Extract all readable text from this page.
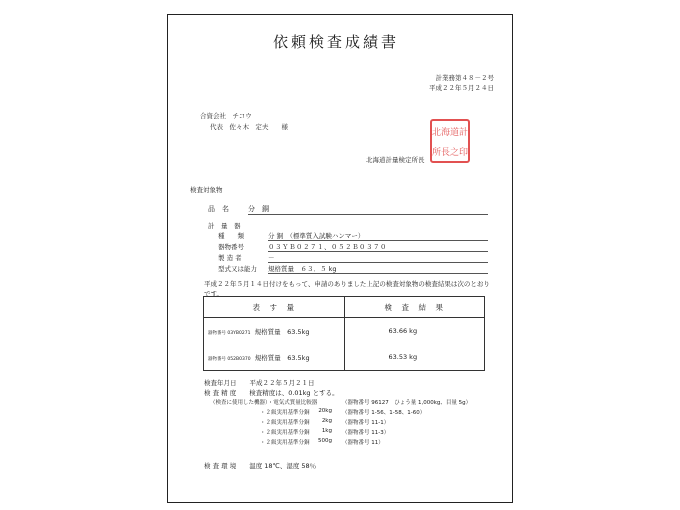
依頼検査成績書
計業務第４８－２号
平成２２年５月２４日
合資会社　チコウ
代表　佐々木　定夫　　様
北海道計量検定所長
北海 道計
所長 之印
検査対象物
品　名	分　銅
計　量　器
種　　類	分 銅　（標準質入試験ハンマー）
器物番号	０３ＹＢ０２７１、０５２Ｂ０３７０
製 造 者	－
型式又は能力 規格質量　６３．５ kg
平成２２年５月１４日付けをもって、申請のありました上記の検査対象物の検査結果は次のとおりです。
表　す　量	検　査　結　果
器物番号 03YB0271 規格質量　63.5kg	63.66 kg
器物番号 052B0370 規格質量　63.5kg	63.53 kg
検査年月日　　平成２２年５月２１日
検 査 精 度　　検査精度は、0.01kg とする。
（検査に使用した機器）・電気式質量比較器	（器物番号 96127　ひょう量 1,000kg、目量 5g）
・２級実用基準分銅	20kg （器物番号 1-56、1-58、1-60）
・２級実用基準分銅	2kg （器物番号 11-1）
・２級実用基準分銅	1kg （器物番号 11-3）
・２級実用基準分銅	500g （器物番号 11）
検 査 環 境　　温度 18℃、湿度 58％
